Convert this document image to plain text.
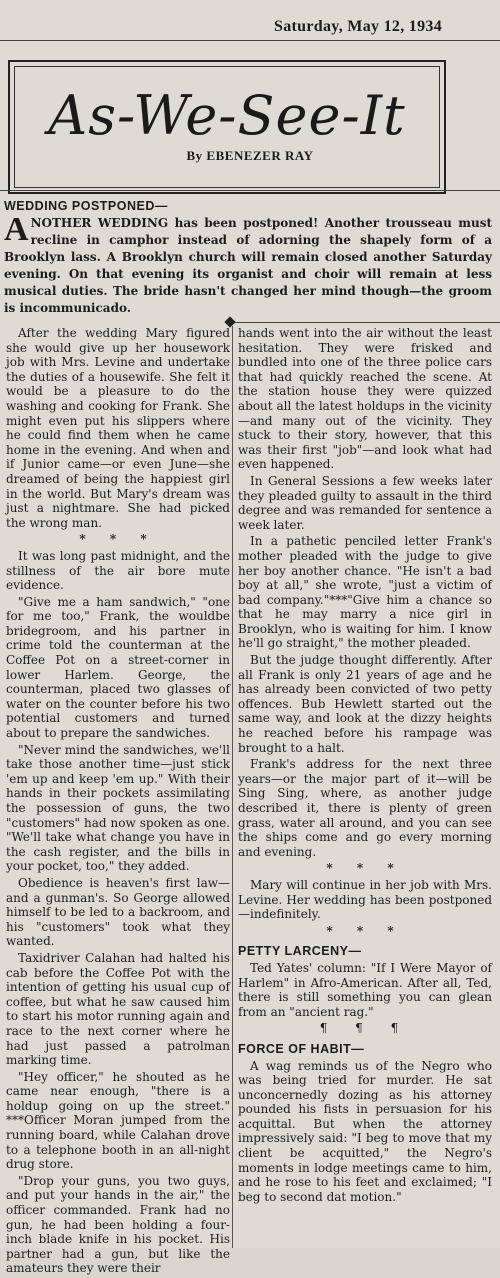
Saturday, May 12, 1934
As-We-See-It
By EBENEZER RAY
WEDDING POSTPONED—

ANOTHER WEDDING has been postponed! Another trousseau must recline in camphor instead of adorning the shapely form of a Brooklyn lass. A Brooklyn church will remain closed another Saturday evening. On that evening its organist and choir will remain at less musical duties. The bride hasn't changed her mind though—the groom is incommunicado.

After the wedding Mary figured she would give up her housework job with Mrs. Levine and undertake the duties of a housewife. She felt it would be a pleasure to do the washing and cooking for Frank. She might even put his slippers where he could find them when he came home in the evening. And when and if Junior came—or even June—she dreamed of being the happiest girl in the world. But Mary's dream was just a nightmare. She had picked the wrong man.

* * *

It was long past midnight, and the stillness of the air bore mute evidence.

"Give me a ham sandwich," "one for me too," Frank, the wouldbe bridegroom, and his partner in crime told the counterman at the Coffee Pot on a street-corner in lower Harlem. George, the counterman, placed two glasses of water on the counter before his two potential customers and turned about to prepare the sandwiches.

"Never mind the sandwiches, we'll take those another time—just stick 'em up and keep 'em up." With their hands in their pockets assimilating the possession of guns, the two "customers" had now spoken as one. "We'll take what change you have in the cash register, and the bills in your pocket, too," they added.

Obedience is heaven's first law—and a gunman's. So George allowed himself to be led to a backroom, and his "customers" took what they wanted.

Taxidriver Calahan had halted his cab before the Coffee Pot with the intention of getting his usual cup of coffee, but what he saw caused him to start his motor running again and race to the next corner where he had just passed a patrolman marking time.

"Hey officer," he shouted as he came near enough, "there is a holdup going on up the street." ***Officer Moran jumped from the running board, while Calahan drove to a telephone booth in an all-night drug store.

"Drop your guns, you two guys, and put your hands in the air," the officer commanded. Frank had no gun, he had been holding a four-inch blade knife in his pocket. His partner had a gun, but like the amateurs they were their

hands went into the air without the least hesitation. They were frisked and bundled into one of the three police cars that had quickly reached the scene. At the station house they were quizzed about all the latest holdups in the vicinity—and many out of the vicinity. They stuck to their story, however, that this was their first "job"—and look what had even happened.

In General Sessions a few weeks later they pleaded guilty to assault in the third degree and was remanded for sentence a week later.

In a pathetic penciled letter Frank's mother pleaded with the judge to give her boy another chance. "He isn't a bad boy at all," she wrote, "just a victim of bad company."***"Give him a chance so that he may marry a nice girl in Brooklyn, who is waiting for him. I know he'll go straight," the mother pleaded.

But the judge thought differently. After all Frank is only 21 years of age and he has already been convicted of two petty offences. Bub Hewlett started out the same way, and look at the dizzy heights he reached before his rampage was brought to a halt.

Frank's address for the next three years—or the major part of it—will be Sing Sing, where, as another judge described it, there is plenty of green grass, water all around, and you can see the ships come and go every morning and evening.

* * *

Mary will continue in her job with Mrs. Levine. Her wedding has been postponed—indefinitely.

* * *
PETTY LARCENY—

Ted Yates' column: "If I Were Mayor of Harlem" in Afro-American. After all, Ted, there is still something you can glean from an "ancient rag."

¶ ¶ ¶
FORCE OF HABIT—

A wag reminds us of the Negro who was being tried for murder. He sat unconcernedly dozing as his attorney pounded his fists in persuasion for his acquittal. But when the attorney impressively said: "I beg to move that my client be acquitted," the Negro's moments in lodge meetings came to him, and he rose to his feet and exclaimed; "I beg to second dat motion."
